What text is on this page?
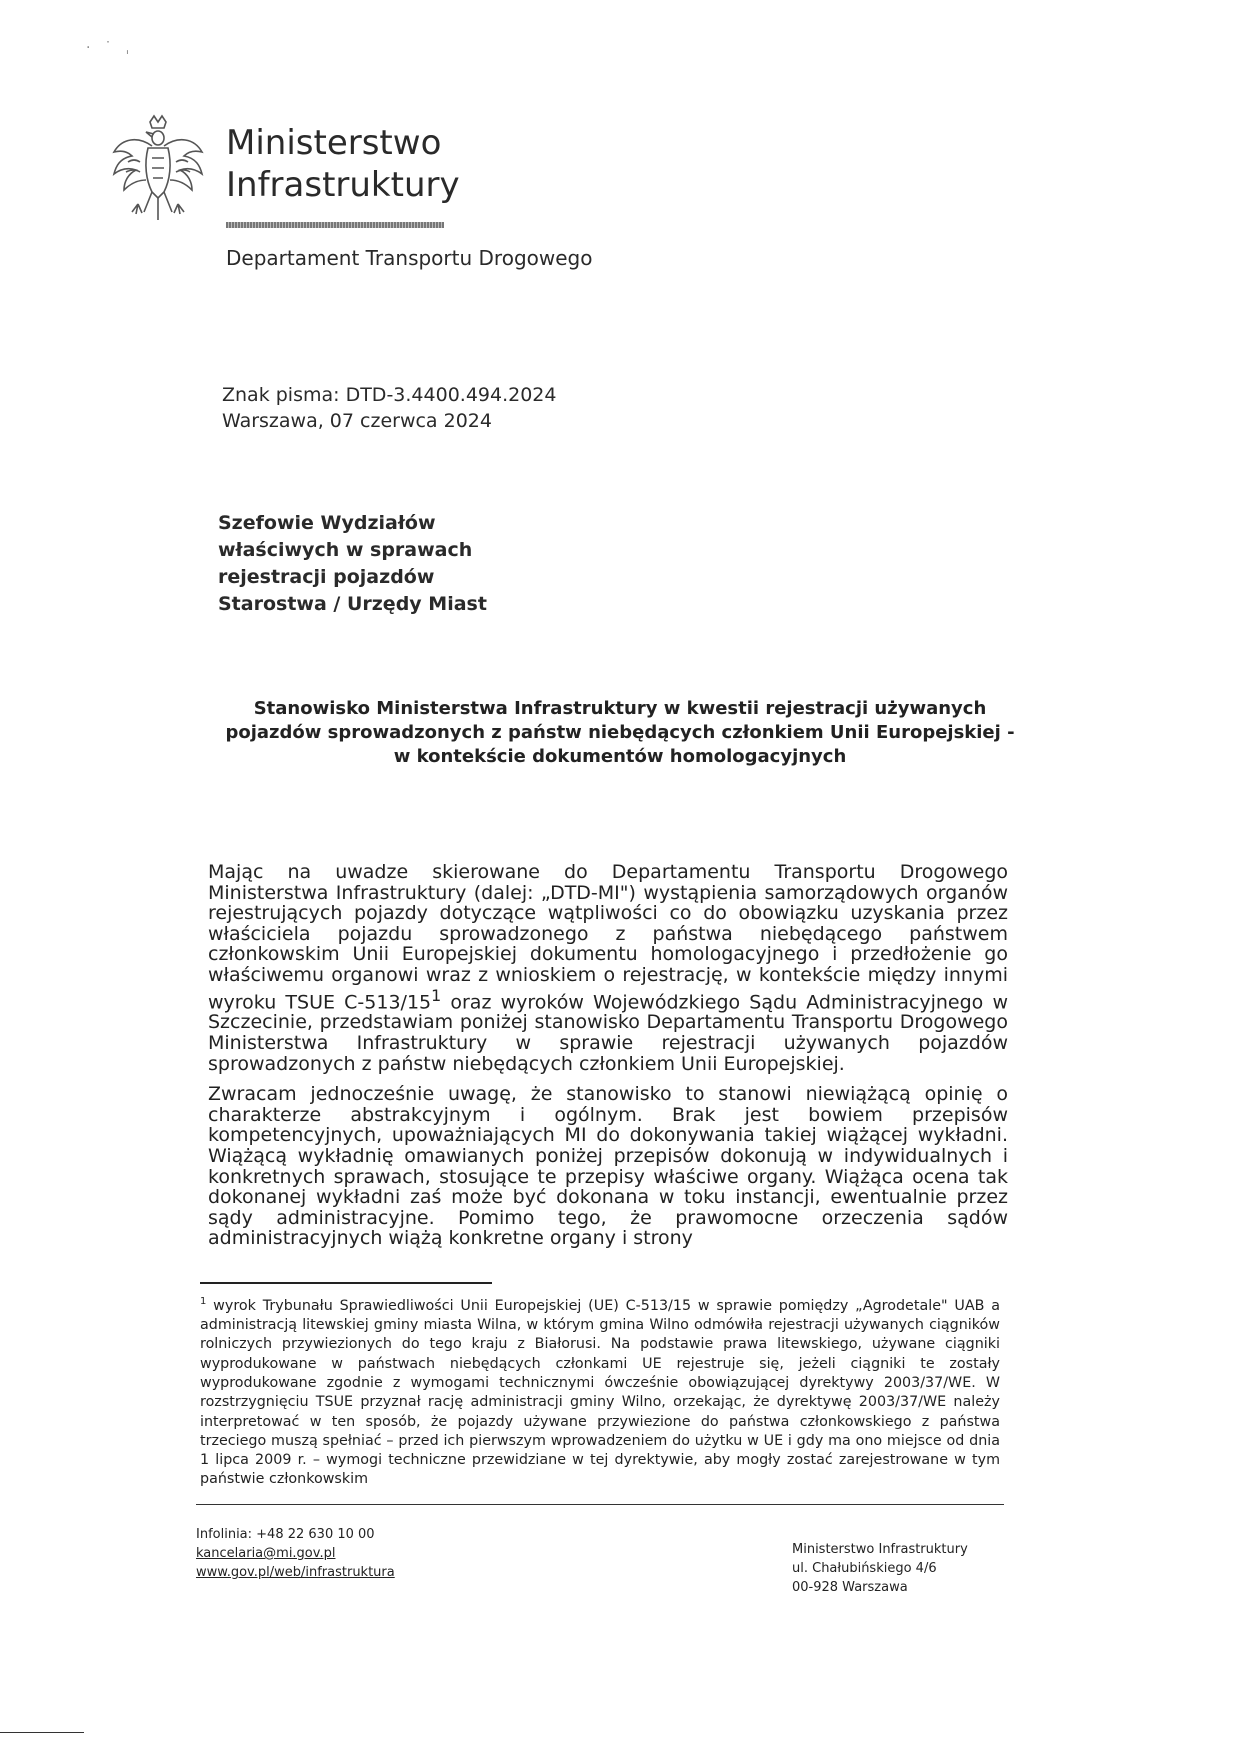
·˙ˌ
Ministerstwo
Infrastruktury
Departament Transportu Drogowego
Znak pisma: DTD-3.4400.494.2024
Warszawa, 07 czerwca 2024
Szefowie Wydziałów
właściwych w sprawach
rejestracji pojazdów
Starostwa / Urzędy Miast
Stanowisko Ministerstwa Infrastruktury w kwestii rejestracji używanych pojazdów sprowadzonych z państw niebędących członkiem Unii Europejskiej - w kontekście dokumentów homologacyjnych

Mając na uwadze skierowane do Departamentu Transportu Drogowego Ministerstwa Infrastruktury (dalej: „DTD-MI") wystąpienia samorządowych organów rejestrujących pojazdy dotyczące wątpliwości co do obowiązku uzyskania przez właściciela pojazdu sprowadzonego z państwa niebędącego państwem członkowskim Unii Europejskiej dokumentu homologacyjnego i przedłożenie go właściwemu organowi wraz z wnioskiem o rejestrację, w kontekście między innymi wyroku TSUE $C-513/15^1$ oraz wyroków Wojewódzkiego Sądu Administracyjnego w Szczecinie, przedstawiam poniżej stanowisko Departamentu Transportu Drogowego Ministerstwa Infrastruktury w sprawie rejestracji używanych pojazdów sprowadzonych z państw niebędących członkiem Unii Europejskiej.

Zwracam jednocześnie uwagę, że stanowisko to stanowi niewiążącą opinię o charakterze abstrakcyjnym i ogólnym. Brak jest bowiem przepisów kompetencyjnych, upoważniających MI do dokonywania takiej wiążącej wykładni. Wiążącą wykładnię omawianych poniżej przepisów dokonują w indywidualnych i konkretnych sprawach, stosujące te przepisy właściwe organy. Wiążąca ocena tak dokonanej wykładni zaś może być dokonana w toku instancji, ewentualnie przez sądy administracyjne. Pomimo tego, że prawomocne orzeczenia sądów administracyjnych wiążą konkretne organy i strony

$^1$ wyrok Trybunału Sprawiedliwości Unii Europejskiej (UE) C-513/15 w sprawie pomiędzy „Agrodetale" UAB a administracją litewskiej gminy miasta Wilna, w którym gmina Wilno odmówiła rejestracji używanych ciągników rolniczych przywiezionych do tego kraju z Białorusi. Na podstawie prawa litewskiego, używane ciągniki wyprodukowane w państwach niebędących członkami UE rejestruje się, jeżeli ciągniki te zostały wyprodukowane zgodnie z wymogami technicznymi ówcześnie obowiązującej dyrektywy 2003/37/WE. W rozstrzygnięciu TSUE przyznał rację administracji gminy Wilno, orzekając, że dyrektywę 2003/37/WE należy interpretować w ten sposób, że pojazdy używane przywiezione do państwa członkowskiego z państwa trzeciego muszą spełniać – przed ich pierwszym wprowadzeniem do użytku w UE i gdy ma ono miejsce od dnia 1 lipca 2009 r. – wymogi techniczne przewidziane w tej dyrektywie, aby mogły zostać zarejestrowane w tym państwie członkowskim
Infolinia: +48 22 630 10 00
kancelaria@mi.gov.pl
www.gov.pl/web/infrastruktura
Ministerstwo Infrastruktury
ul. Chałubińskiego 4/6
00-928 Warszawa
